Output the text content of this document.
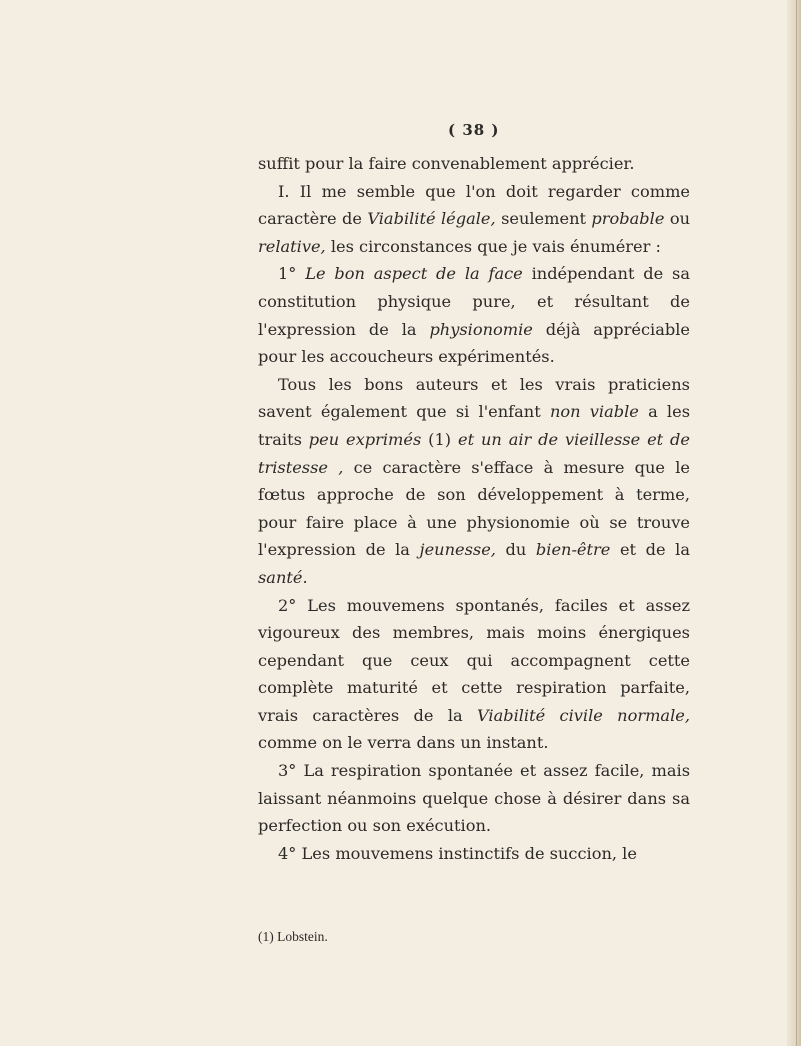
( 38 )

suffit pour la faire convenablement apprécier.

I. Il me semble que l'on doit regarder comme caractère de Viabilité légale, seulement probable ou relative, les circonstances que je vais énumérer :

1° Le bon aspect de la face indépendant de sa constitution physique pure, et résultant de l'expression de la physionomie déjà appréciable pour les accoucheurs expérimentés.

Tous les bons auteurs et les vrais praticiens savent également que si l'enfant non viable a les traits peu exprimés (1) et un air de vieillesse et de tristesse , ce caractère s'efface à mesure que le fœtus approche de son développement à terme, pour faire place à une physionomie où se trouve l'expression de la jeunesse, du bien-être et de la santé.

2° Les mouvemens spontanés, faciles et assez vigoureux des membres, mais moins énergiques cependant que ceux qui accompagnent cette complète maturité et cette respiration parfaite, vrais caractères de la Viabilité civile normale, comme on le verra dans un instant.

3° La respiration spontanée et assez facile, mais laissant néanmoins quelque chose à désirer dans sa perfection ou son exécution.

4° Les mouvemens instinctifs de succion, le

(1) Lobstein.
